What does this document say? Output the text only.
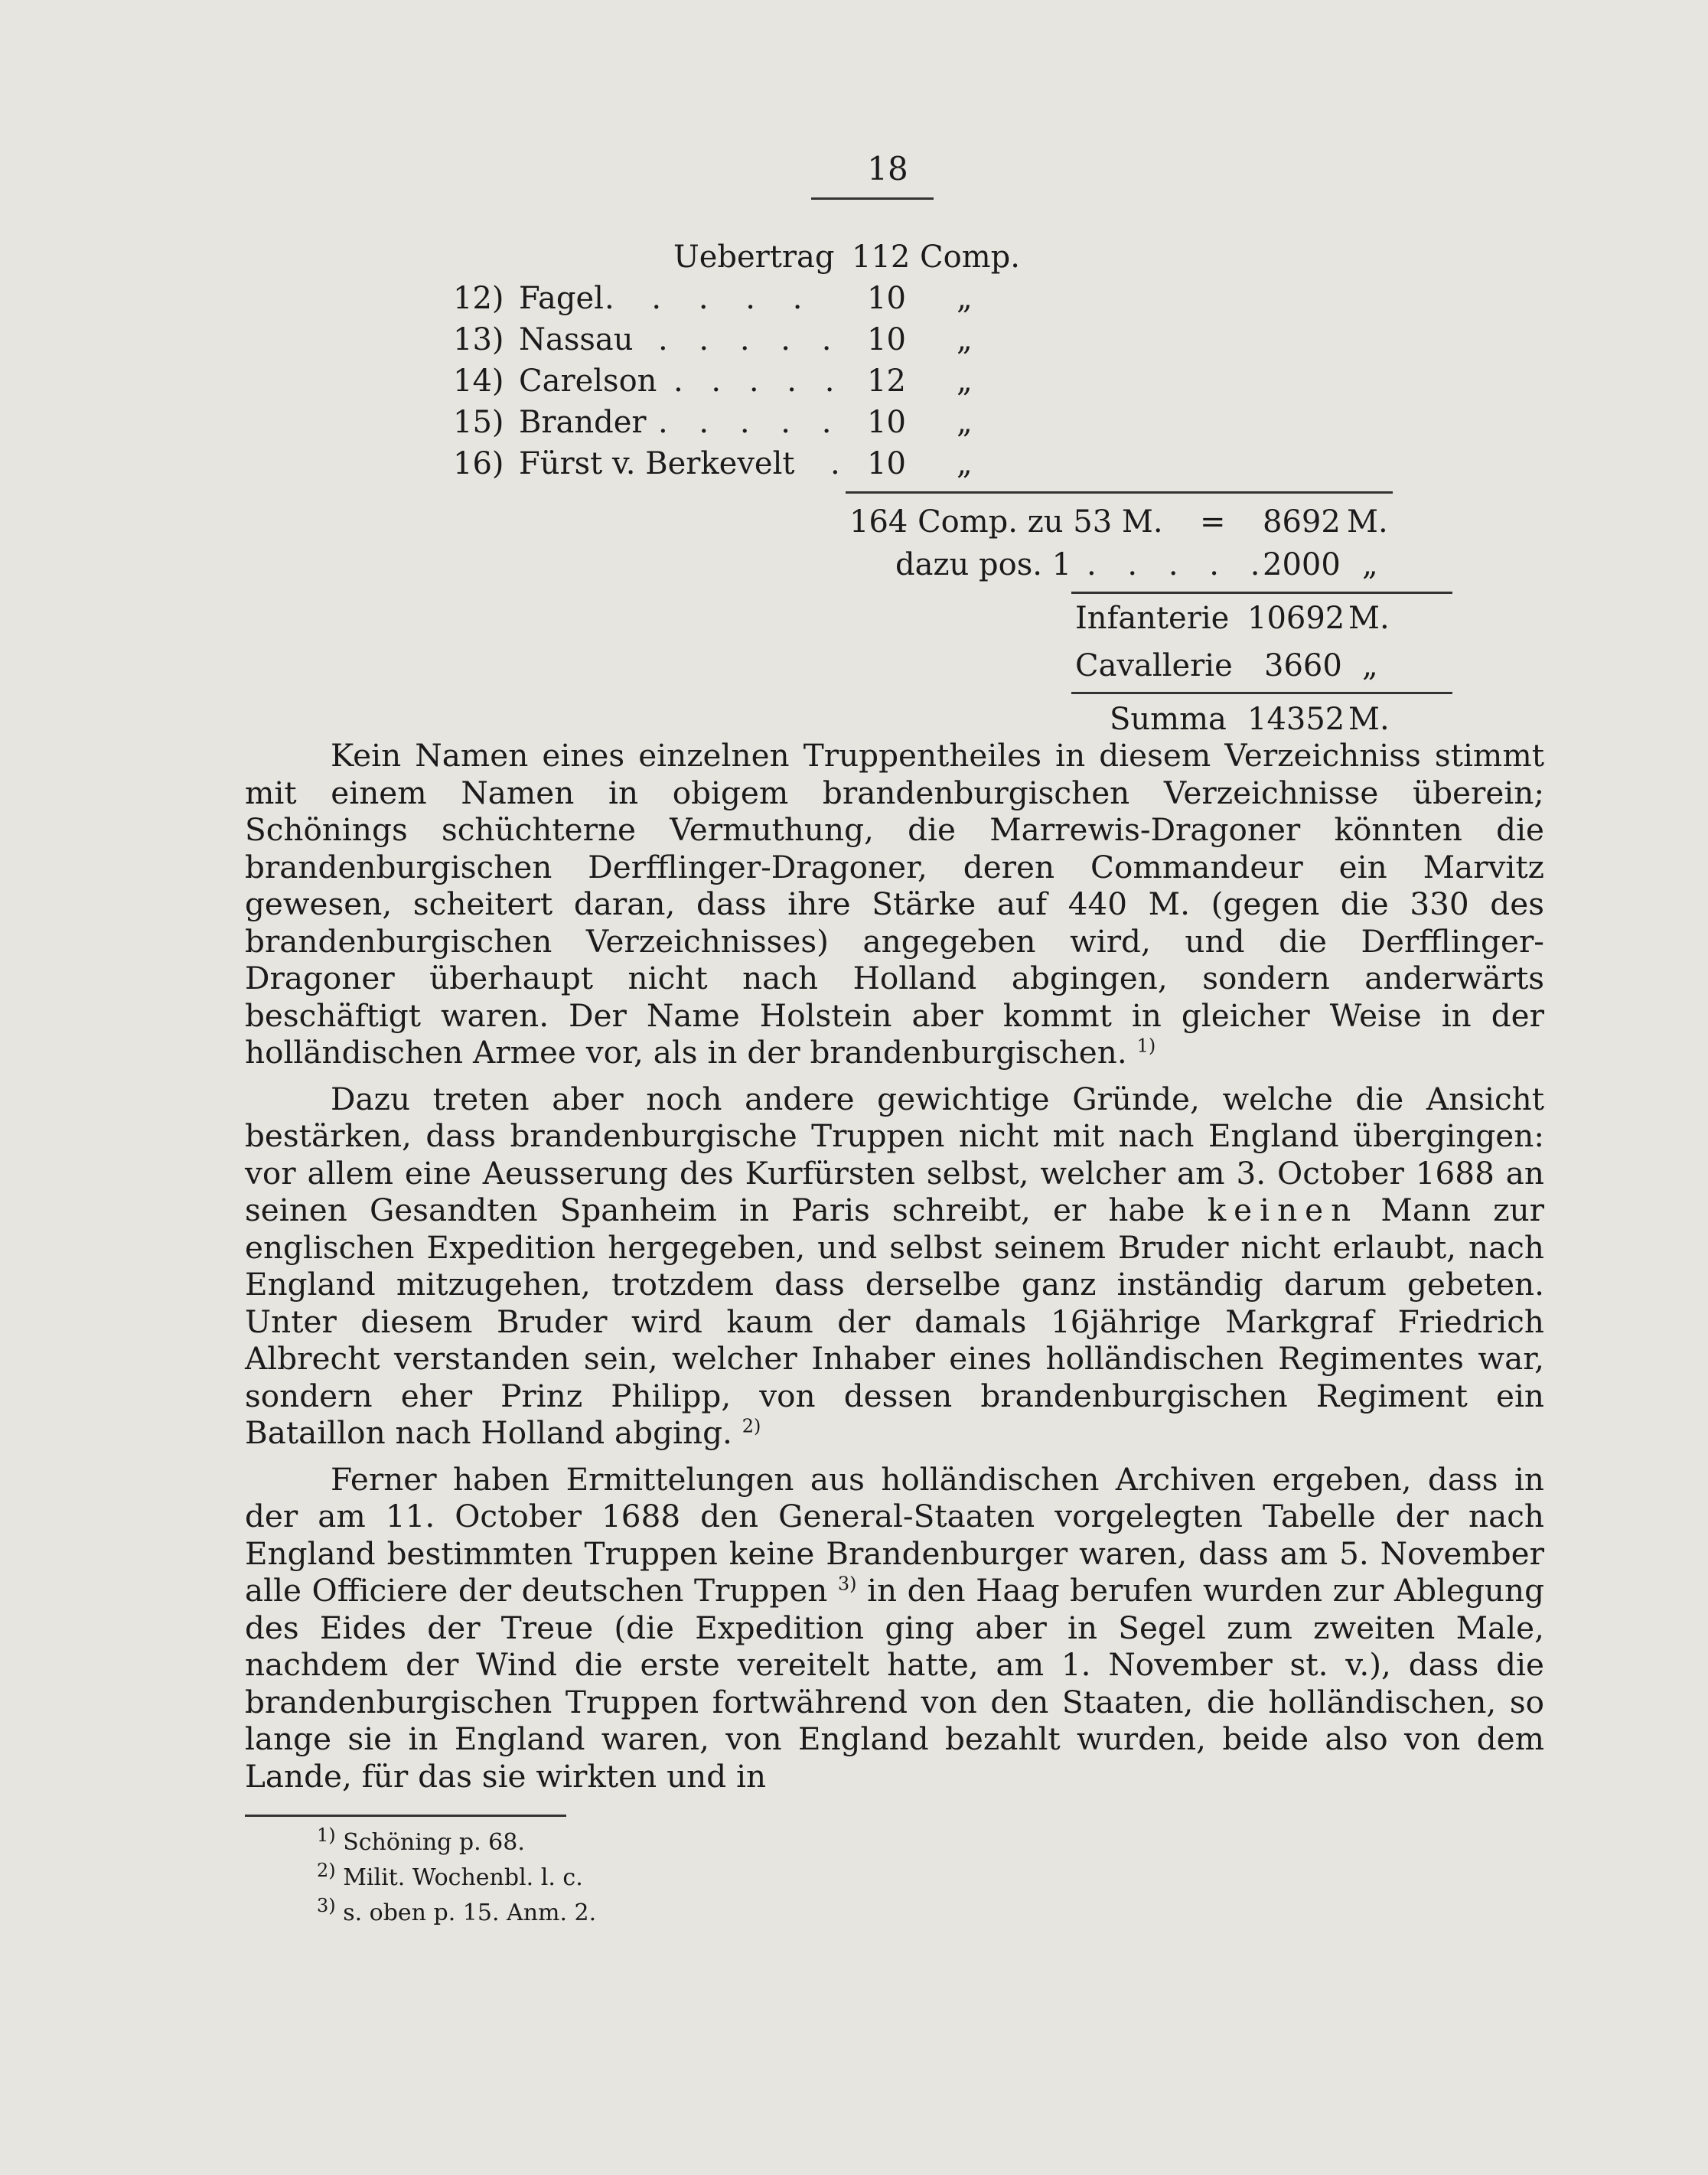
18
Uebertrag 112 Comp.
12) Fagel . . . . . 10 „
13) Nassau . . . . . 10 „
14) Carelson . . . . . 12 „
15) Brander . . . . . 10 „
16) Fürst v. Berkevelt . 10 „
164 Comp. zu 53 M. = 8692 M.
dazu pos. 1 . . . . .
2000 „
Infanterie 10692 M.
Cavallerie 3660 „
Summa 14352 M.

Kein Namen eines einzelnen Truppentheiles in diesem Verzeichniss stimmt mit einem Namen in obigem brandenburgischen Verzeichnisse überein; Schönings schüchterne Vermuthung, die Marrewis-Dragoner könnten die brandenburgischen Derfflinger-Dragoner, deren Commandeur ein Marvitz gewesen, scheitert daran, dass ihre Stärke auf 440 M. (gegen die 330 des brandenburgischen Verzeichnisses) angegeben wird, und die Derfflinger-Dragoner überhaupt nicht nach Holland abgingen, sondern anderwärts beschäftigt waren. Der Name Holstein aber kommt in gleicher Weise in der holländischen Armee vor, als in der brandenburgischen. $^{1)}$

Dazu treten aber noch andere gewichtige Gründe, welche die Ansicht bestärken, dass brandenburgische Truppen nicht mit nach England übergingen: vor allem eine Aeusserung des Kurfürsten selbst, welcher am 3. October 1688 an seinen Gesandten Spanheim in Paris schreibt, er habe keinen Mann zur englischen Expedition hergegeben, und selbst seinem Bruder nicht erlaubt, nach England mitzugehen, trotzdem dass derselbe ganz inständig darum gebeten. Unter diesem Bruder wird kaum der damals 16jährige Markgraf Friedrich Albrecht verstanden sein, welcher Inhaber eines holländischen Regimentes war, sondern eher Prinz Philipp, von dessen brandenburgischen Regiment ein Bataillon nach Holland abging. $^{2)}$

Ferner haben Ermittelungen aus holländischen Archiven ergeben, dass in der am 11. October 1688 den General-Staaten vorgelegten Tabelle der nach England bestimmten Truppen keine Brandenburger waren, dass am 5. November alle Officiere der deutschen Truppen $^{3)}$ in den Haag berufen wurden zur Ablegung des Eides der Treue (die Expedition ging aber in Segel zum zweiten Male, nachdem der Wind die erste vereitelt hatte, am 1. November st. v.), dass die brandenburgischen Truppen fortwährend von den Staaten, die holländischen, so lange sie in England waren, von England bezahlt wurden, beide also von dem Lande, für das sie wirkten und in

$^{1)}$ Schöning p. 68.
$^{2)}$ Milit. Wochenbl. l. c.
$^{3)}$ s. oben p. 15. Anm. 2.
